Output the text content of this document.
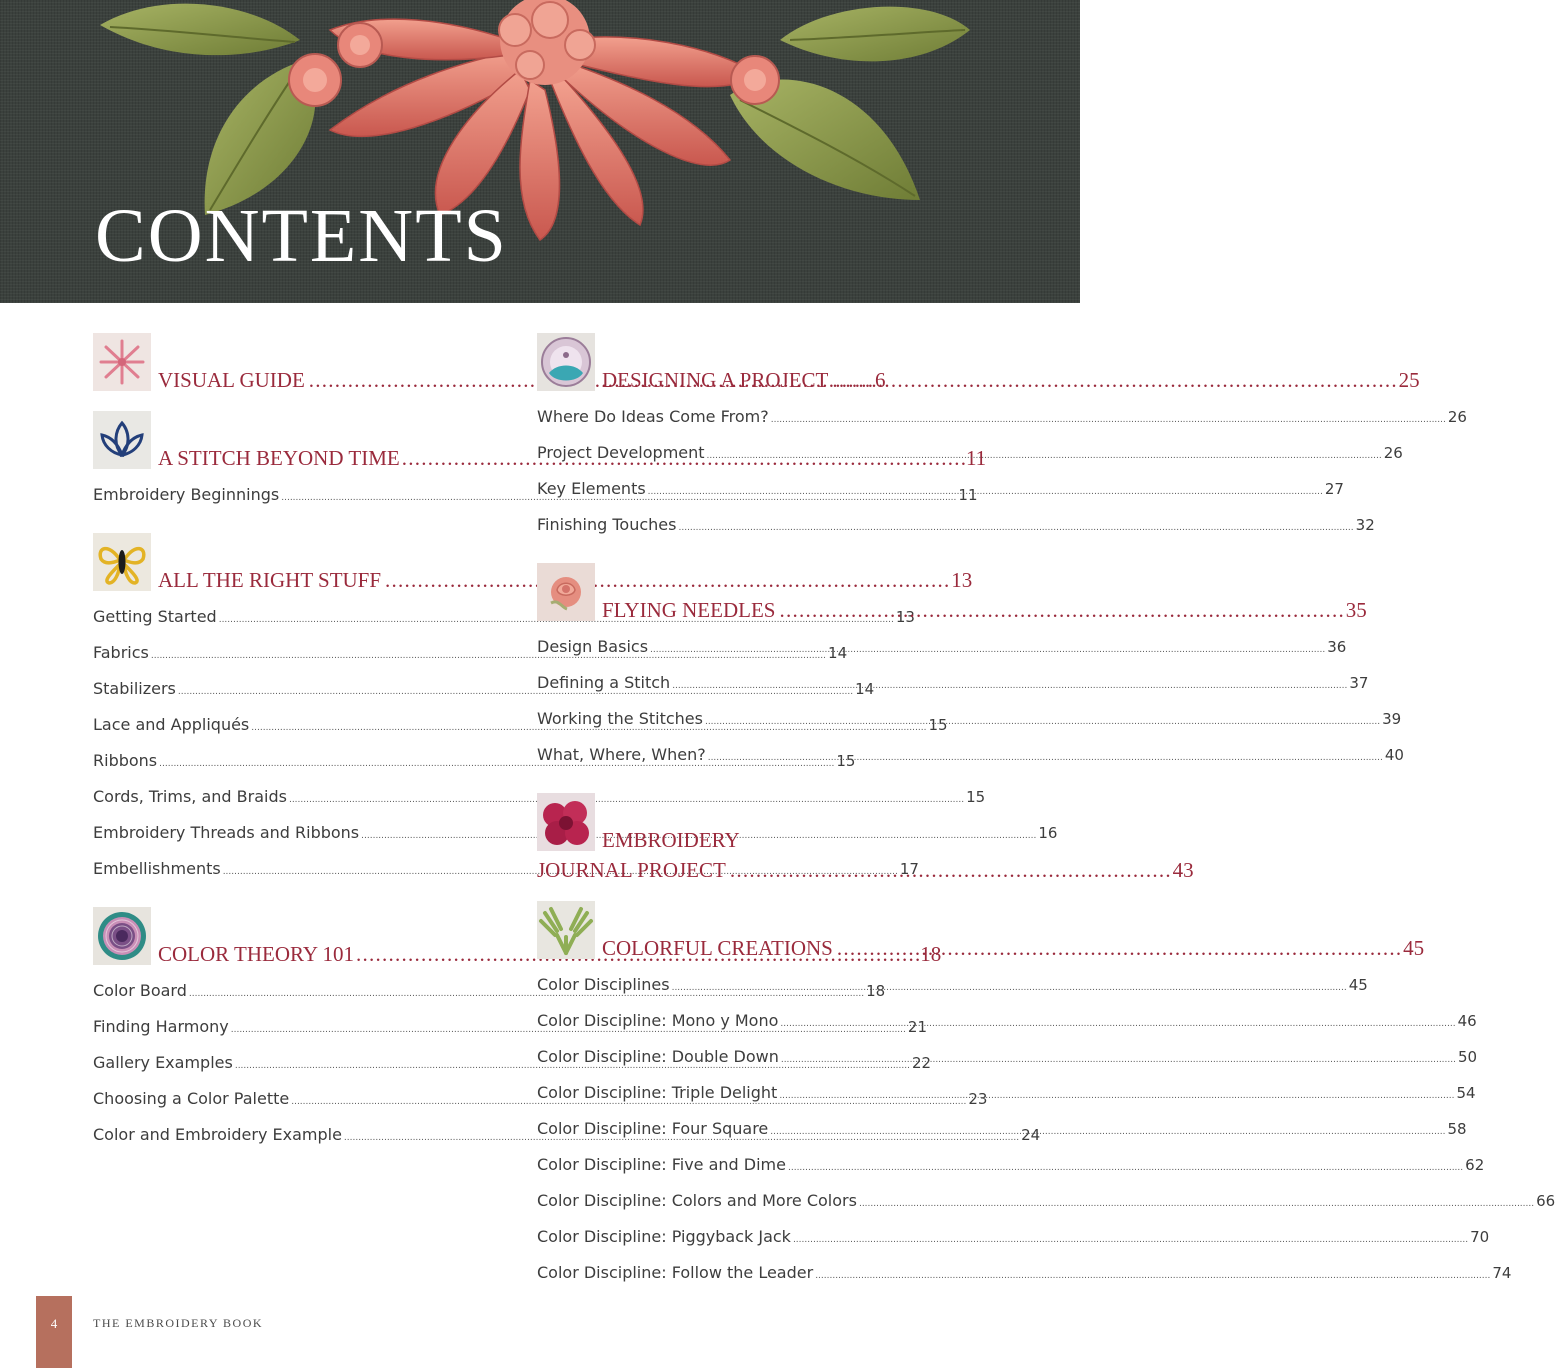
CONTENTS
VISUAL GUIDE . . .	6
A STITCH BEYOND TIME . . .	11
Embroidery Beginnings .....	11
ALL THE RIGHT STUFF . . .	13
Getting Started .....	13
Fabrics .....	14
Stabilizers .....	14
Lace and Appliqués .....	15
Ribbons .....	15
Cords, Trims, and Braids .....	15
Embroidery Threads and Ribbons .....	16
Embellishments .....	17
COLOR THEORY 101 . . .	18
Color Board .....	18
Finding Harmony .....	21
Gallery Examples .....	22
Choosing a Color Palette .....	23
Color and Embroidery Example .....	24
DESIGNING A PROJECT . . .	25
Where Do Ideas Come From? .....	26
Project Development .....	26
Key Elements .....	27
Finishing Touches .....	32
FLYING NEEDLES . . .	35
Design Basics .....	36
Defining a Stitch .....	37
Working the Stitches .....	39
What, Where, When? .....	40
EMBROIDERY
JOURNAL PROJECT . . .	43
COLORFUL CREATIONS . . .	45
Color Disciplines .....	45
Color Discipline: Mono y Mono .....	46
Color Discipline: Double Down .....	50
Color Discipline: Triple Delight .....	54
Color Discipline: Four Square .....	58
Color Discipline: Five and Dime .....	62
Color Discipline: Colors and More Colors .....	66
Color Discipline: Piggyback Jack .....	70
Color Discipline: Follow the Leader .....	74
4	THE EMBROIDERY BOOK
